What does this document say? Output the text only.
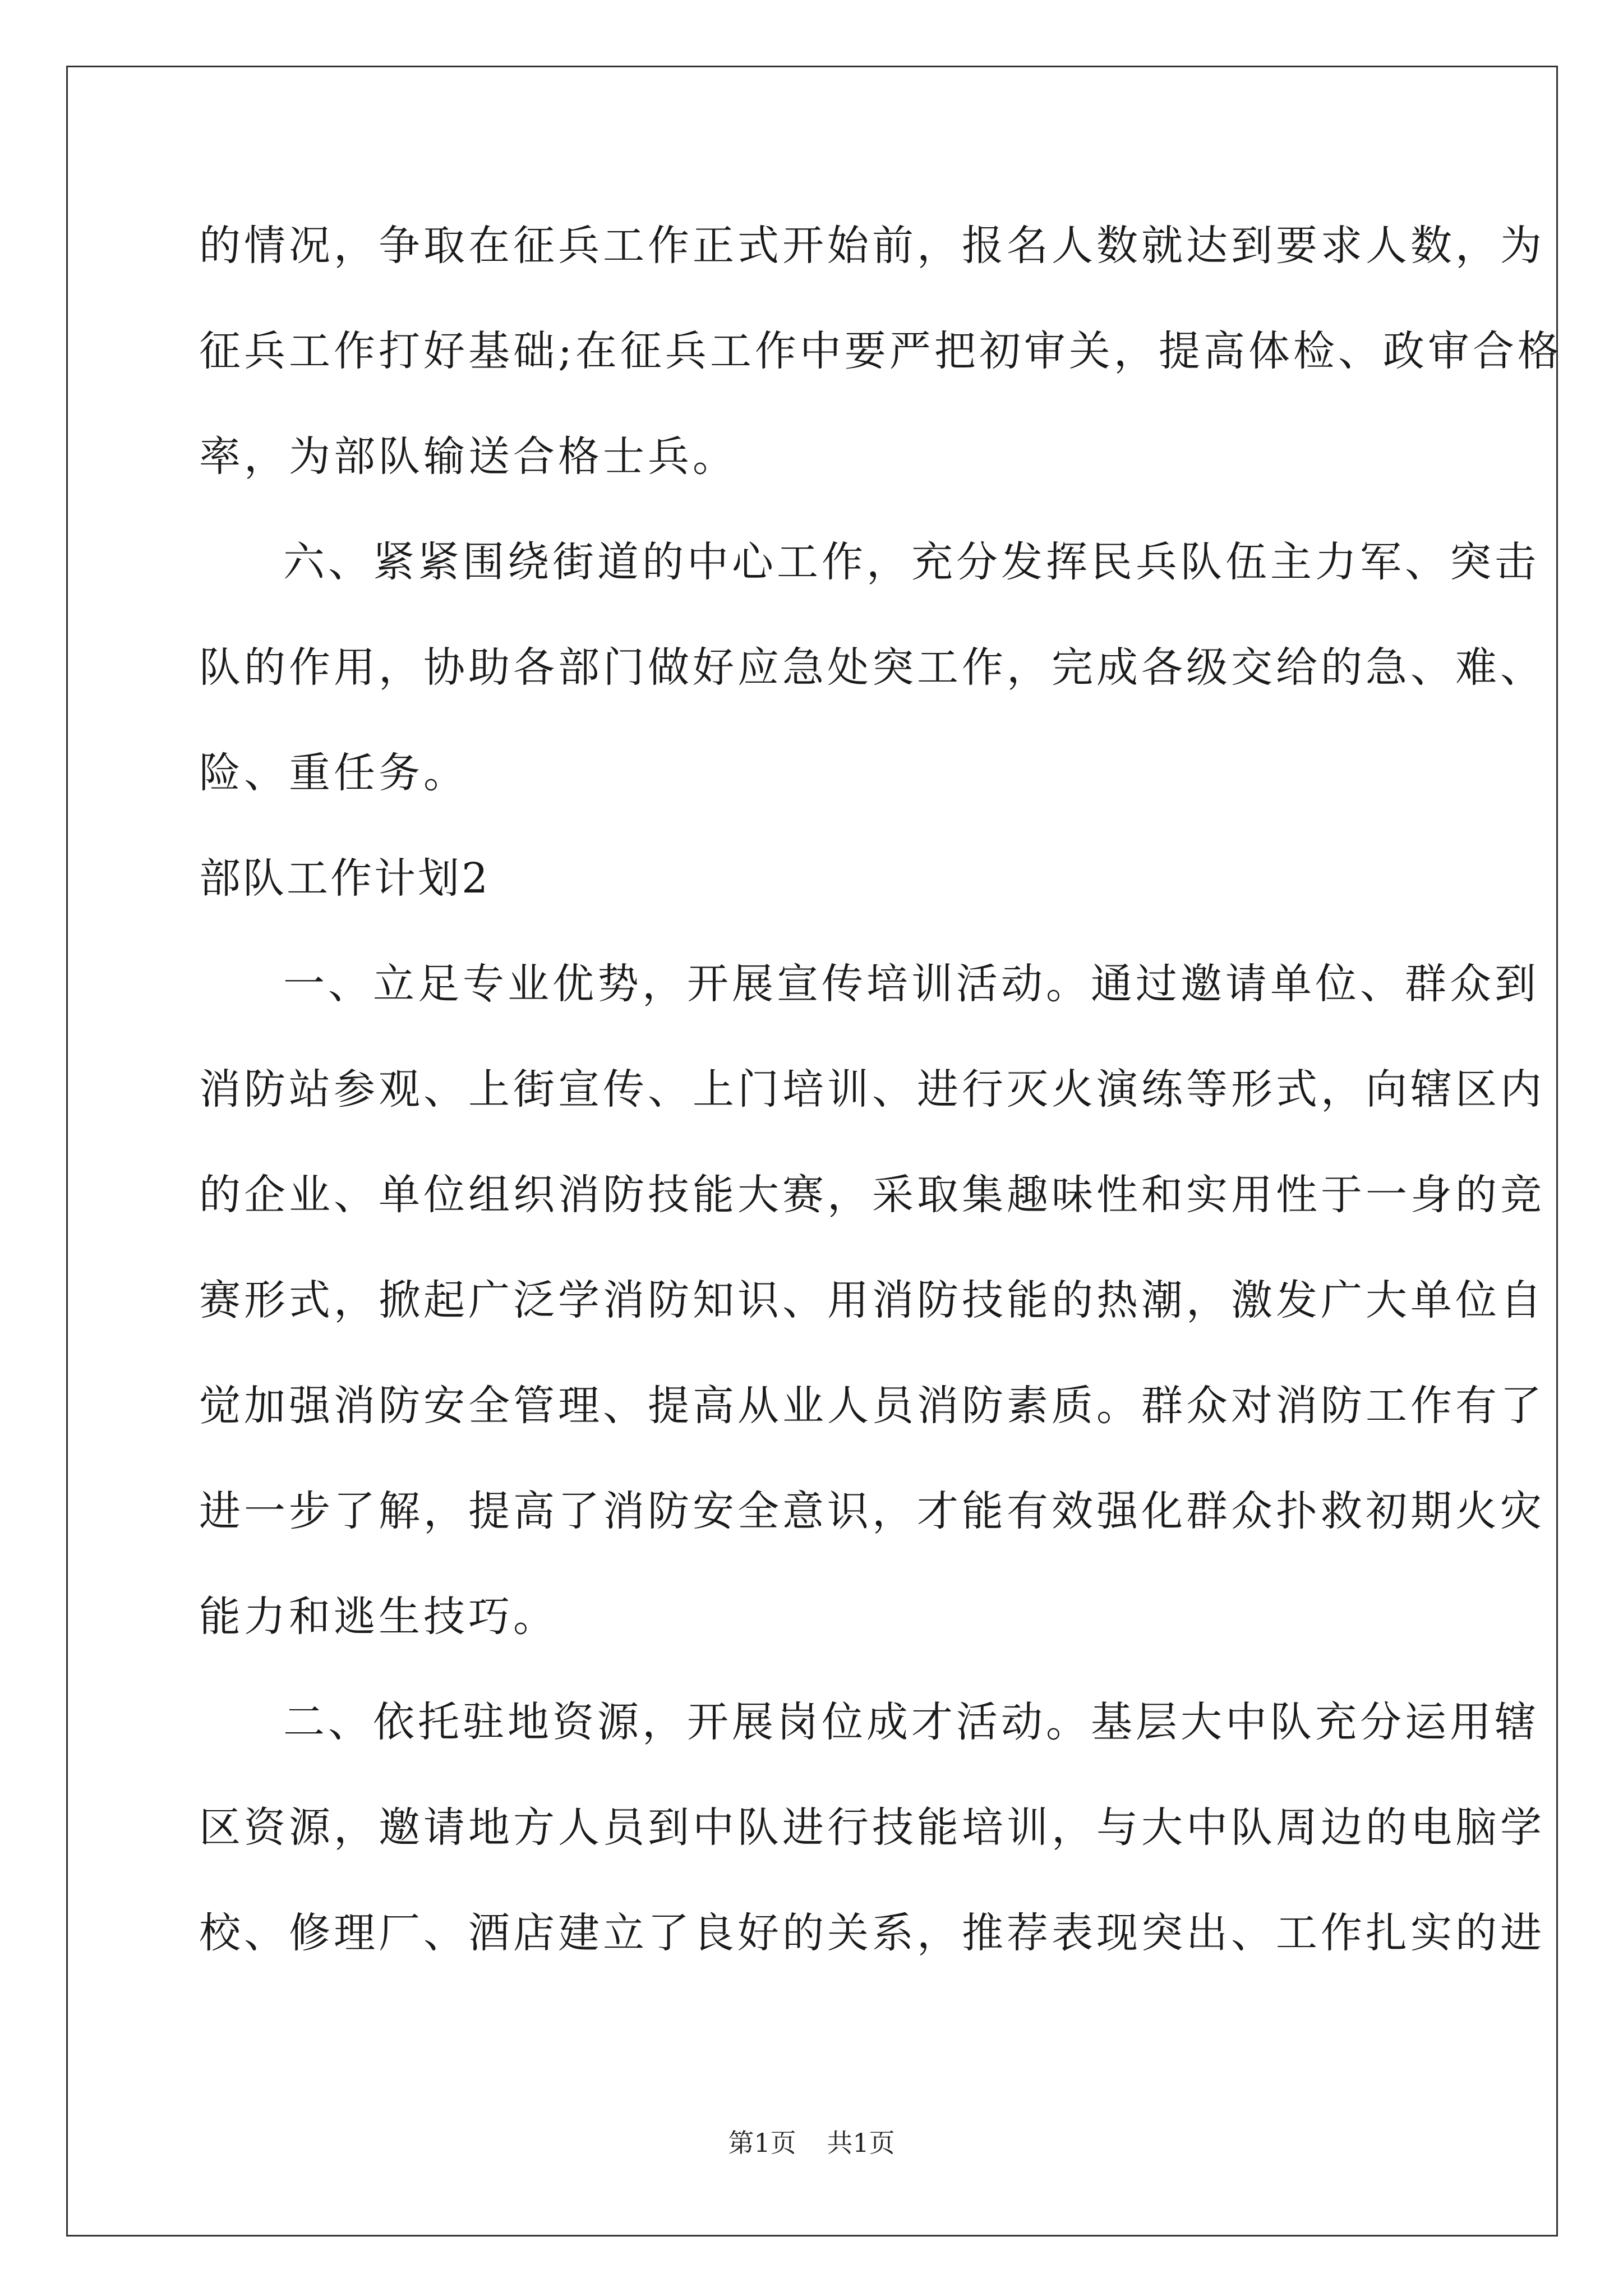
的情况，争取在征兵工作正式开始前，报名人数就达到要求人数，为
征兵工作打好基础;在征兵工作中要严把初审关，提高体检、政审合格
率，为部队输送合格士兵。
六、紧紧围绕街道的中心工作，充分发挥民兵队伍主力军、突击
队的作用，协助各部门做好应急处突工作，完成各级交给的急、难、
险、重任务。
部队工作计划2
一、立足专业优势，开展宣传培训活动。通过邀请单位、群众到
消防站参观、上街宣传、上门培训、进行灭火演练等形式，向辖区内
的企业、单位组织消防技能大赛，采取集趣味性和实用性于一身的竞
赛形式，掀起广泛学消防知识、用消防技能的热潮，激发广大单位自
觉加强消防安全管理、提高从业人员消防素质。群众对消防工作有了
进一步了解，提高了消防安全意识，才能有效强化群众扑救初期火灾
能力和逃生技巧。
二、依托驻地资源，开展岗位成才活动。基层大中队充分运用辖
区资源，邀请地方人员到中队进行技能培训，与大中队周边的电脑学
校、修理厂、酒店建立了良好的关系，推荐表现突出、工作扎实的进
第1页 共1页
